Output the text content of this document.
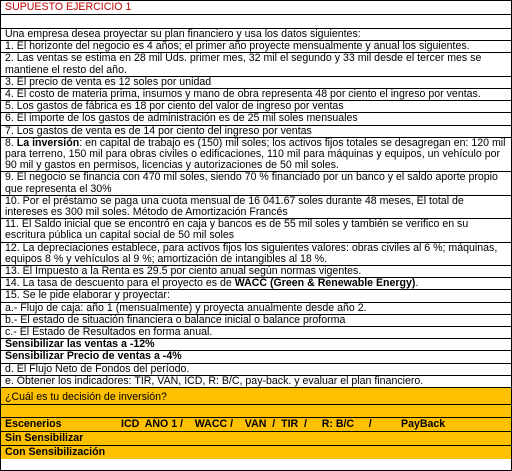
SUPUESTO EJERCICIO 1
Una empresa desea proyectar su plan financiero y usa los datos siguientes:
1. El horizonte del negocio es 4 años; el primer año proyecte mensualmente y anual los siguientes.
2. Las ventas se estima en 28 mil Uds. primer mes, 32 mil el segundo y 33 mil desde el tercer mes se mantiene el resto del año.
3. El precio de venta es 12 soles por unidad
4. El costo de materia prima, insumos y mano de obra representa 48 por ciento el ingreso por ventas.
5. Los gastos de fábrica es 18 por ciento del valor de ingreso por ventas
6. El importe de los gastos de administración es de 25 mil soles mensuales
7. Los gastos de venta es de 14 por ciento del ingreso por ventas
8. La inversión: en capital de trabajo es (150) mil soles; los activos fijos totales se desagregan en: 120 mil para terreno, 150 mil para obras civiles o edificaciones, 110 mil para máquinas y equipos, un vehículo por 90 mil y gastos en permisos, licencias y autorizaciones de 50 mil soles.
9. El negocio se financia con 470 mil soles, siendo 70 % financiado por un banco y el saldo aporte propio que representa el 30%
10. Por el préstamo se paga una cuota mensual de 16 041.67 soles durante 48 meses, El total de intereses es 300 mil soles. Método de Amortización Francés
11. El Saldo inicial que se encontró en caja y bancos es de 55 mil soles y también se verifico en su escritura pública un capital social de 50 mil soles
12. La depreciaciones establece, para activos fijos los siguientes valores: obras civiles al 6 %; máquinas, equipos 8 % y vehículos al 9 %; amortización de intangibles al 18 %.
13. El Impuesto a la Renta es 29.5 por ciento anual según normas vigentes.
14. La tasa de descuento para el proyecto es de WACC (Green & Renewable Energy).
15. Se le pide elaborar y proyectar:
a.- Flujo de caja: año 1 (mensualmente) y proyecta anualmente desde año 2.
b.- El estado de situación financiera o balance inicial o balance proforma
c.- El Estado de Resultados en forma anual.
Sensibilizar las ventas a -12%
Sensibilizar Precio de ventas a -4%
d. El Flujo Neto de Fondos del período.
e. Obtener los indicadores: TIR, VAN, ICD, R: B/C, pay-back. y evaluar el plan financiero.
¿Cuál es tu decisión de inversión?
Escenerios	ICD  AÑO 1 /    WACC /    VAN  /  TIR  /     R: B/C     /	PayBack
Sin Sensibilizar
Con Sensibilización
